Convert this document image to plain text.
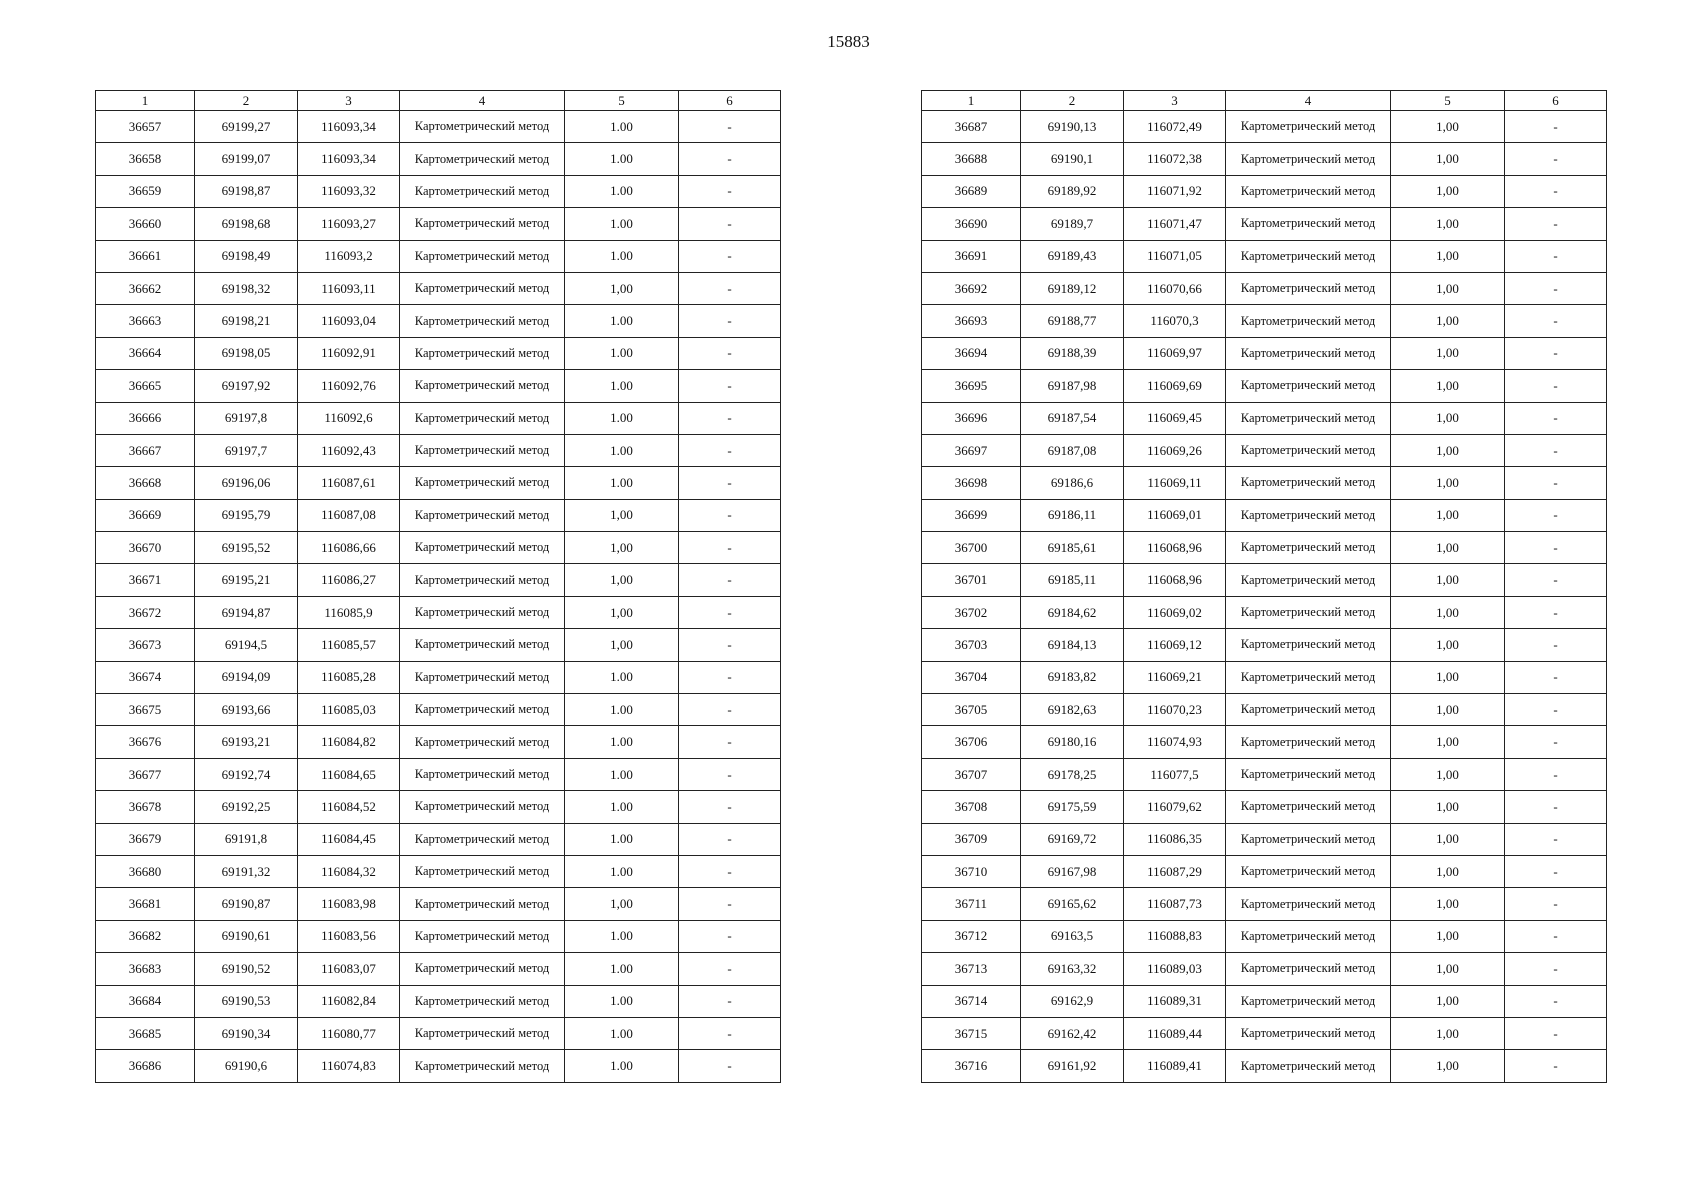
15883
1	2	3	4	5	6
36657	69199,27	116093,34	Картометрический метод	1.00	-
36658	69199,07	116093,34	Картометрический метод	1.00	-
36659	69198,87	116093,32	Картометрический метод	1.00	-
36660	69198,68	116093,27	Картометрический метод	1.00	-
36661	69198,49	116093,2	Картометрический метод	1.00	-
36662	69198,32	116093,11	Картометрический метод	1,00	-
36663	69198,21	116093,04	Картометрический метод	1.00	-
36664	69198,05	116092,91	Картометрический метод	1.00	-
36665	69197,92	116092,76	Картометрический метод	1.00	-
36666	69197,8	116092,6	Картометрический метод	1.00	-
36667	69197,7	116092,43	Картометрический метод	1.00	-
36668	69196,06	116087,61	Картометрический метод	1.00	-
36669	69195,79	116087,08	Картометрический метод	1,00	-
36670	69195,52	116086,66	Картометрический метод	1,00	-
36671	69195,21	116086,27	Картометрический метод	1,00	-
36672	69194,87	116085,9	Картометрический метод	1,00	-
36673	69194,5	116085,57	Картометрический метод	1,00	-
36674	69194,09	116085,28	Картометрический метод	1.00	-
36675	69193,66	116085,03	Картометрический метод	1.00	-
36676	69193,21	116084,82	Картометрический метод	1.00	-
36677	69192,74	116084,65	Картометрический метод	1.00	-
36678	69192,25	116084,52	Картометрический метод	1.00	-
36679	69191,8	116084,45	Картометрический метод	1.00	-
36680	69191,32	116084,32	Картометрический метод	1.00	-
36681	69190,87	116083,98	Картометрический метод	1,00	-
36682	69190,61	116083,56	Картометрический метод	1.00	-
36683	69190,52	116083,07	Картометрический метод	1.00	-
36684	69190,53	116082,84	Картометрический метод	1.00	-
36685	69190,34	116080,77	Картометрический метод	1.00	-
36686	69190,6	116074,83	Картометрический метод	1.00	-
1	2	3	4	5	6
36687	69190,13	116072,49	Картометрический метод	1,00	-
36688	69190,1	116072,38	Картометрический метод	1,00	-
36689	69189,92	116071,92	Картометрический метод	1,00	-
36690	69189,7	116071,47	Картометрический метод	1,00	-
36691	69189,43	116071,05	Картометрический метод	1,00	-
36692	69189,12	116070,66	Картометрический метод	1,00	-
36693	69188,77	116070,3	Картометрический метод	1,00	-
36694	69188,39	116069,97	Картометрический метод	1,00	-
36695	69187,98	116069,69	Картометрический метод	1,00	-
36696	69187,54	116069,45	Картометрический метод	1,00	-
36697	69187,08	116069,26	Картометрический метод	1,00	-
36698	69186,6	116069,11	Картометрический метод	1,00	-
36699	69186,11	116069,01	Картометрический метод	1,00	-
36700	69185,61	116068,96	Картометрический метод	1,00	-
36701	69185,11	116068,96	Картометрический метод	1,00	-
36702	69184,62	116069,02	Картометрический метод	1,00	-
36703	69184,13	116069,12	Картометрический метод	1,00	-
36704	69183,82	116069,21	Картометрический метод	1,00	-
36705	69182,63	116070,23	Картометрический метод	1,00	-
36706	69180,16	116074,93	Картометрический метод	1,00	-
36707	69178,25	116077,5	Картометрический метод	1,00	-
36708	69175,59	116079,62	Картометрический метод	1,00	-
36709	69169,72	116086,35	Картометрический метод	1,00	-
36710	69167,98	116087,29	Картометрический метод	1,00	-
36711	69165,62	116087,73	Картометрический метод	1,00	-
36712	69163,5	116088,83	Картометрический метод	1,00	-
36713	69163,32	116089,03	Картометрический метод	1,00	-
36714	69162,9	116089,31	Картометрический метод	1,00	-
36715	69162,42	116089,44	Картометрический метод	1,00	-
36716	69161,92	116089,41	Картометрический метод	1,00	-
